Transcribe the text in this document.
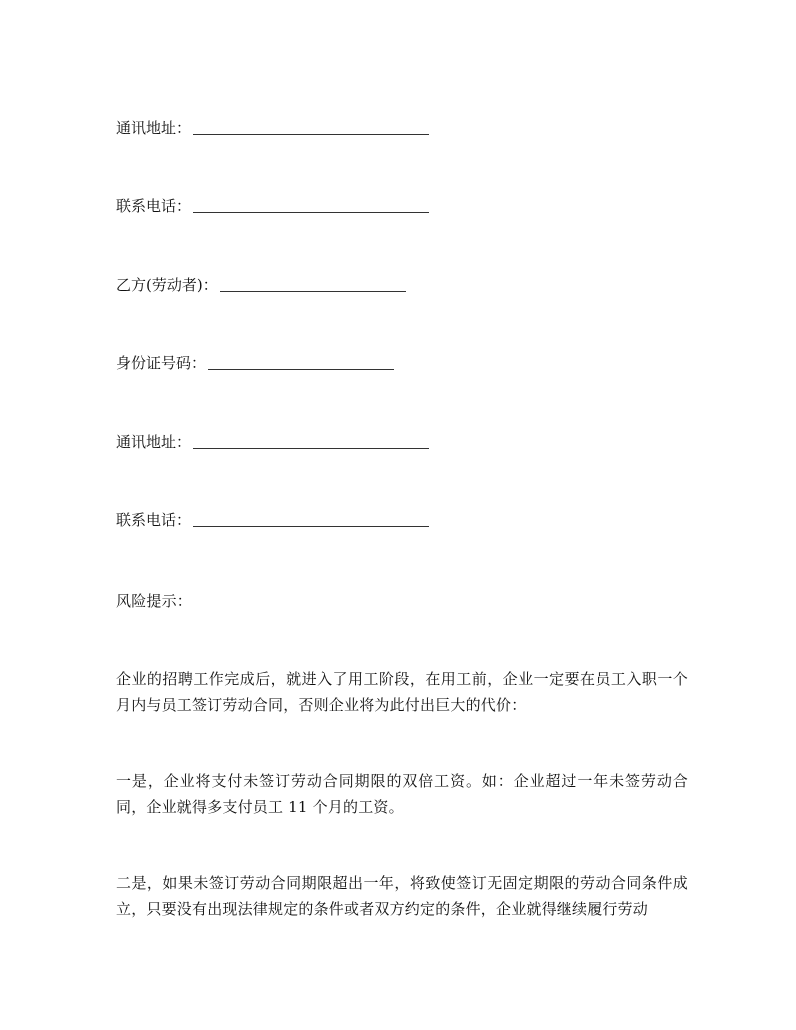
通讯地址：
联系电话：
乙方(劳动者)：
身份证号码：
通讯地址：
联系电话：
风险提示：
企业的招聘工作完成后，就进入了用工阶段，在用工前，企业一定要在员工入职一个月内与员工签订劳动合同，否则企业将为此付出巨大的代价：
一是，企业将支付未签订劳动合同期限的双倍工资。如：企业超过一年未签劳动合同，企业就得多支付员工 11 个月的工资。
二是，如果未签订劳动合同期限超出一年，将致使签订无固定期限的劳动合同条件成立，只要没有出现法律规定的条件或者双方约定的条件，企业就得继续履行劳动
